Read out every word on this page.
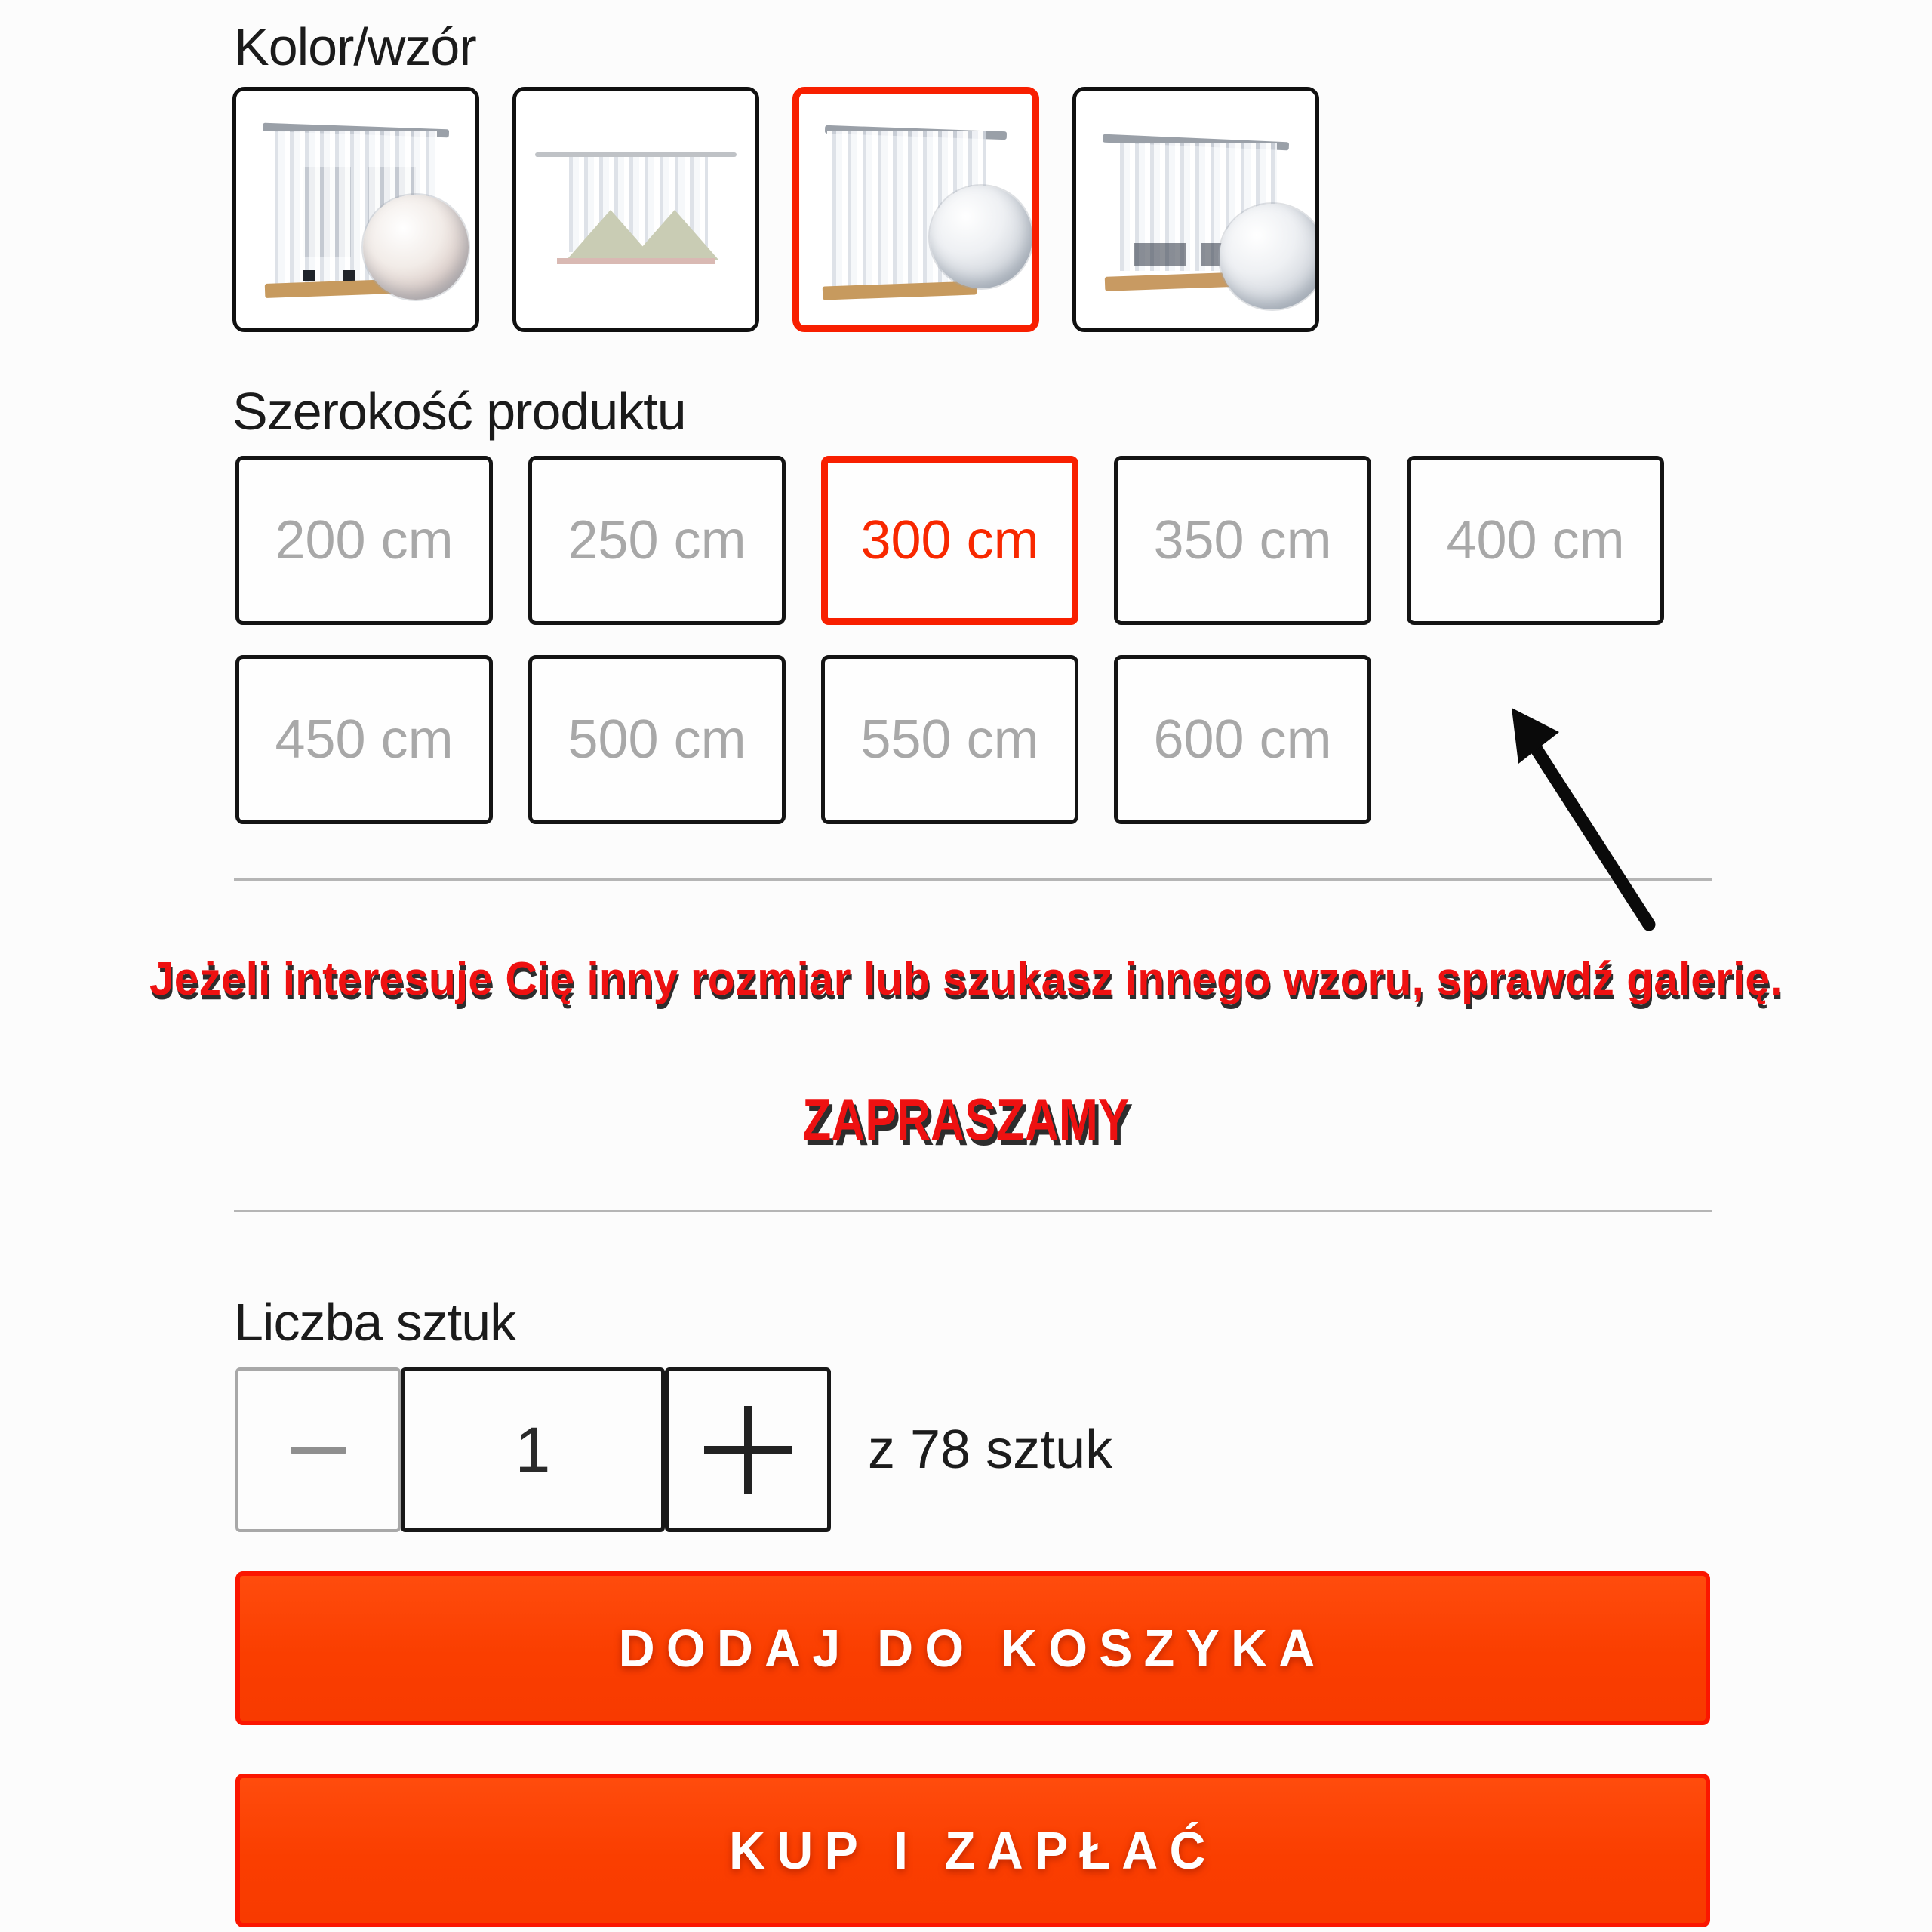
Kolor/wzór
Szerokość produktu
200 cm	250 cm	300 cm	350 cm	400 cm
450 cm	500 cm	550 cm	600 cm
Jeżeli interesuje Cię inny rozmiar lub szukasz innego wzoru, sprawdź galerię.
ZAPRASZAMY
Liczba sztuk
1	z 78 sztuk
DODAJ DO KOSZYKA
KUP I ZAPŁAĆ
